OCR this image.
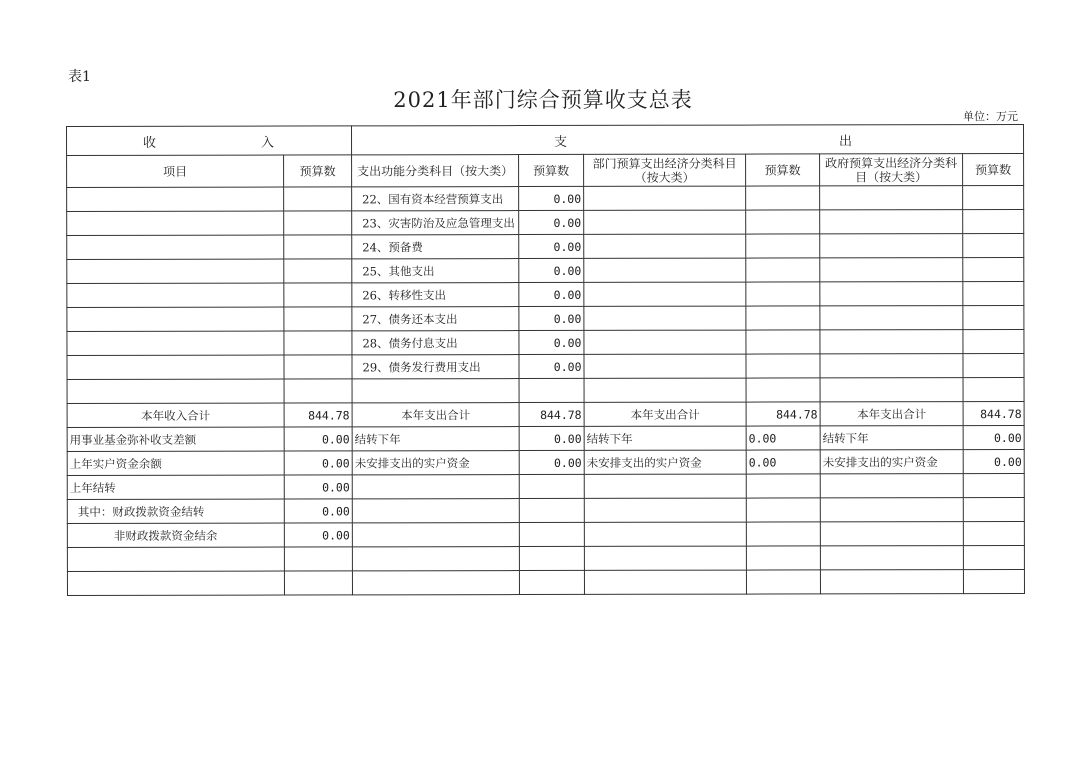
表1
2021年部门综合预算收支总表
单位：万元
收 入		支 出					
项目	预算数	支出功能分类科目（按大类）	预算数	部门预算支出经济分类科目（按大类）	预算数	政府预算支出经济分类科目（按大类）	预算数
		22、国有资本经营预算支出	0.00				
		23、灾害防治及应急管理支出	0.00				
		24、预备费	0.00				
		25、其他支出	0.00				
		26、转移性支出	0.00				
		27、债务还本支出	0.00				
		28、债务付息支出	0.00				
		29、债务发行费用支出	0.00				

本年收入合计	844.78	本年支出合计	844.78	本年支出合计	844.78	本年支出合计	844.78
用事业基金弥补收支差额	0.00	结转下年	0.00	结转下年	0.00	结转下年	0.00
上年实户资金余额	0.00	未安排支出的实户资金	0.00	未安排支出的实户资金	0.00	未安排支出的实户资金	0.00
上年结转	0.00						
其中：财政拨款资金结转	0.00						
非财政拨款资金结余	0.00						
